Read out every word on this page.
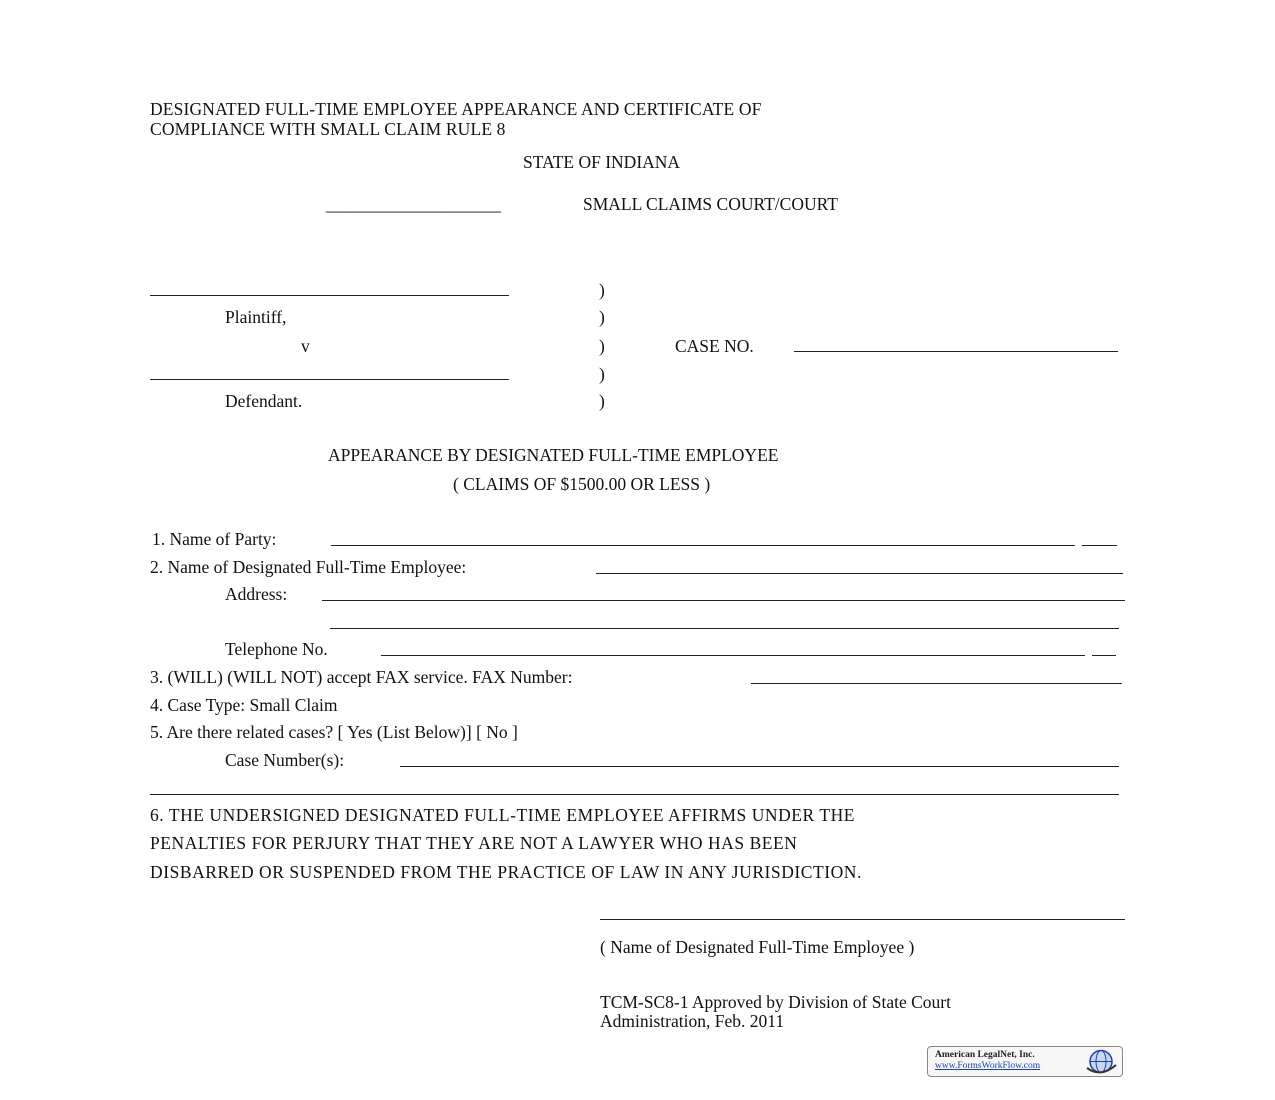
DESIGNATED FULL-TIME EMPLOYEE APPEARANCE AND CERTIFICATE OF
COMPLIANCE WITH SMALL CLAIM RULE 8
STATE OF INDIANA
____________________	SMALL CLAIMS COURT/COURT
Plaintiff,
v
Defendant.
)
)
)
)
)
CASE NO.
APPEARANCE BY DESIGNATED FULL-TIME EMPLOYEE
( CLAIMS OF $1500.00 OR LESS )
1. Name of Party:
2. Name of Designated Full-Time Employee:
Address:
Telephone No.
3. (WILL) (WILL NOT) accept FAX service. FAX Number:
4. Case Type: Small Claim
5. Are there related cases? [ Yes (List Below)] [ No ]
Case Number(s):
6. THE UNDERSIGNED DESIGNATED FULL-TIME EMPLOYEE AFFIRMS UNDER THE
PENALTIES FOR PERJURY THAT THEY ARE NOT A LAWYER WHO HAS BEEN
DISBARRED OR SUSPENDED FROM THE PRACTICE OF LAW IN ANY JURISDICTION.
( Name of Designated Full-Time Employee )
TCM-SC8-1 Approved by Division of State Court
Administration, Feb. 2011
American LegalNet, Inc.
www.FormsWorkFlow.com
